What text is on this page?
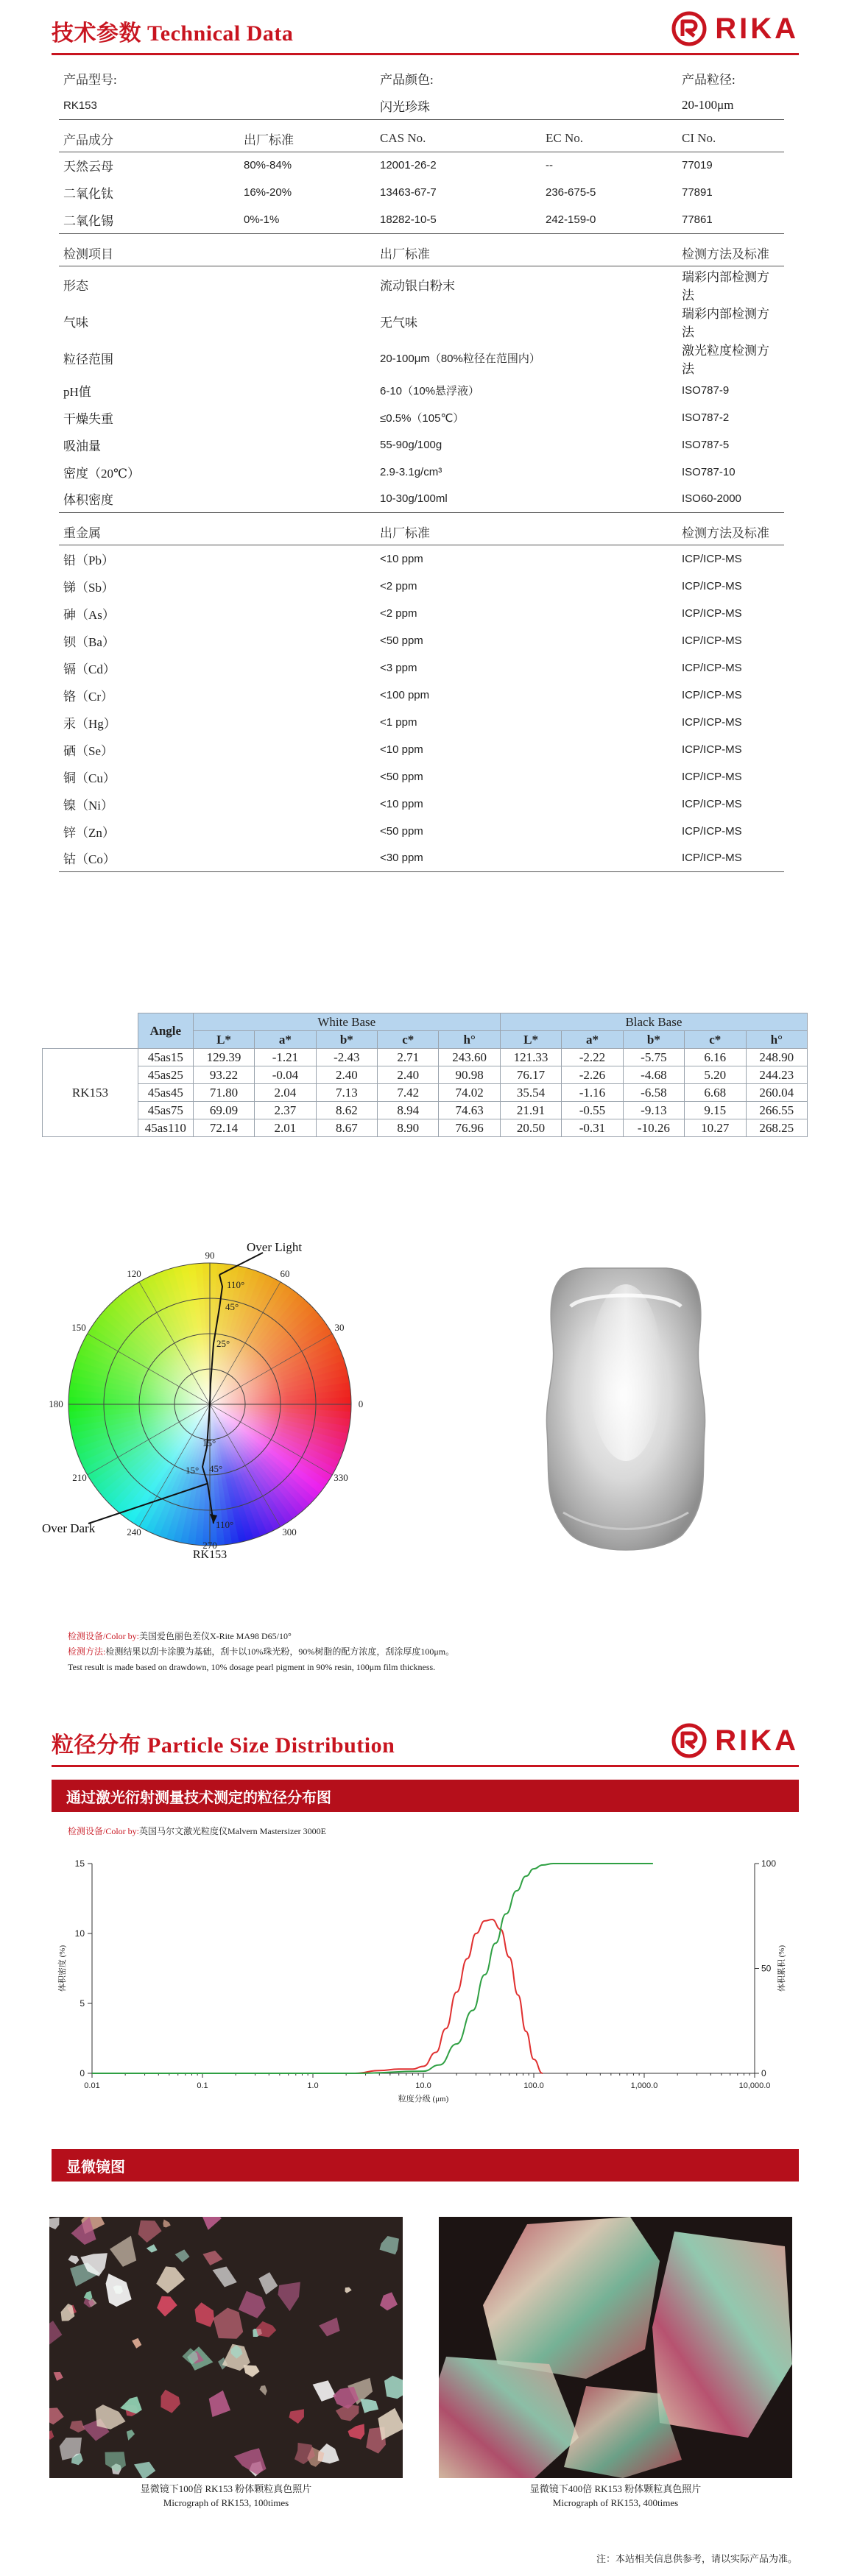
技术参数 Technical Data	RIKA
产品型号:		产品颜色:		产品粒径:
RK153		闪光珍珠		20-100μm
产品成分	出厂标准	CAS No.	EC No.	CI No.
天然云母	80%-84%	12001-26-2	--	77019
二氧化钛	16%-20%	13463-67-7	236-675-5	77891
二氧化锡	0%-1%	18282-10-5	242-159-0	77861
检测项目		出厂标准		检测方法及标准
形态		流动银白粉末		瑞彩内部检测方法
气味		无气味		瑞彩内部检测方法
粒径范围		20-100μm（80%粒径在范围内）		激光粒度检测方法
pH值		6-10（10%悬浮液）		ISO787-9
干燥失重		≤0.5%（105℃）		ISO787-2
吸油量		55-90g/100g		ISO787-5
密度（20℃）		2.9-3.1g/cm³		ISO787-10
体积密度		10-30g/100ml		ISO60-2000
重金属		出厂标准		检测方法及标准
铅（Pb）		<10 ppm		ICP/ICP-MS
锑（Sb）		<2 ppm		ICP/ICP-MS
砷（As）		<2 ppm		ICP/ICP-MS
钡（Ba）		<50 ppm		ICP/ICP-MS
镉（Cd）		<3 ppm		ICP/ICP-MS
铬（Cr）		<100 ppm		ICP/ICP-MS
汞（Hg）		<1 ppm		ICP/ICP-MS
硒（Se）		<10 ppm		ICP/ICP-MS
铜（Cu）		<50 ppm		ICP/ICP-MS
镍（Ni）		<10 ppm		ICP/ICP-MS
锌（Zn）		<50 ppm		ICP/ICP-MS
钴（Co）		<30 ppm		ICP/ICP-MS
	Angle	White Base					Black Base				
		L*	a*	b*	c*	h°	L*	a*	b*	c*	h°
RK153	45as15	129.39	-1.21	-2.43	2.71	243.60	121.33	-2.22	-5.75	6.16	248.90
	45as25	93.22	-0.04	2.40	2.40	90.98	76.17	-2.26	-4.68	5.20	244.23
	45as45	71.80	2.04	7.13	7.42	74.02	35.54	-1.16	-6.58	6.68	260.04
	45as75	69.09	2.37	8.62	8.94	74.63	21.91	-0.55	-9.13	9.15	266.55
	45as110	72.14	2.01	8.67	8.90	76.96	20.50	-0.31	-10.26	10.27	268.25
90
60
30
0
330
300
270
240
210
180
150
120
110°
45°
25°
15°
15° 45°
110°
Over Light
Over Dark
RK153
检测设备/Color by:美国爱色丽色差仪X-Rite MA98 D65/10°
检测方法:检测结果以刮卡涂膜为基础，刮卡以10%珠光粉，90%树脂的配方浓度，刮涂厚度100μm。
Test result is made based on drawdown, 10% dosage pearl pigment in 90% resin, 100μm film thickness.
粒径分布 Particle Size Distribution	RIKA
通过激光衍射测量技术测定的粒径分布图
检测设备/Color by:英国马尔文激光粒度仪Malvern Mastersizer 3000E
0.01	0.1	1.0	10.0	100.0	1,000.0	10,000.0
0
5
10
15
0
50
100
粒度分级 (μm)
体积密度 (%)	体积累积 (%)
显微镜图
显微镜下100倍 RK153 粉体颗粒真色照片
Micrograph of RK153, 100times
显微镜下400倍 RK153 粉体颗粒真色照片
Micrograph of RK153, 400times
注：本站相关信息供参考，请以实际产品为准。
